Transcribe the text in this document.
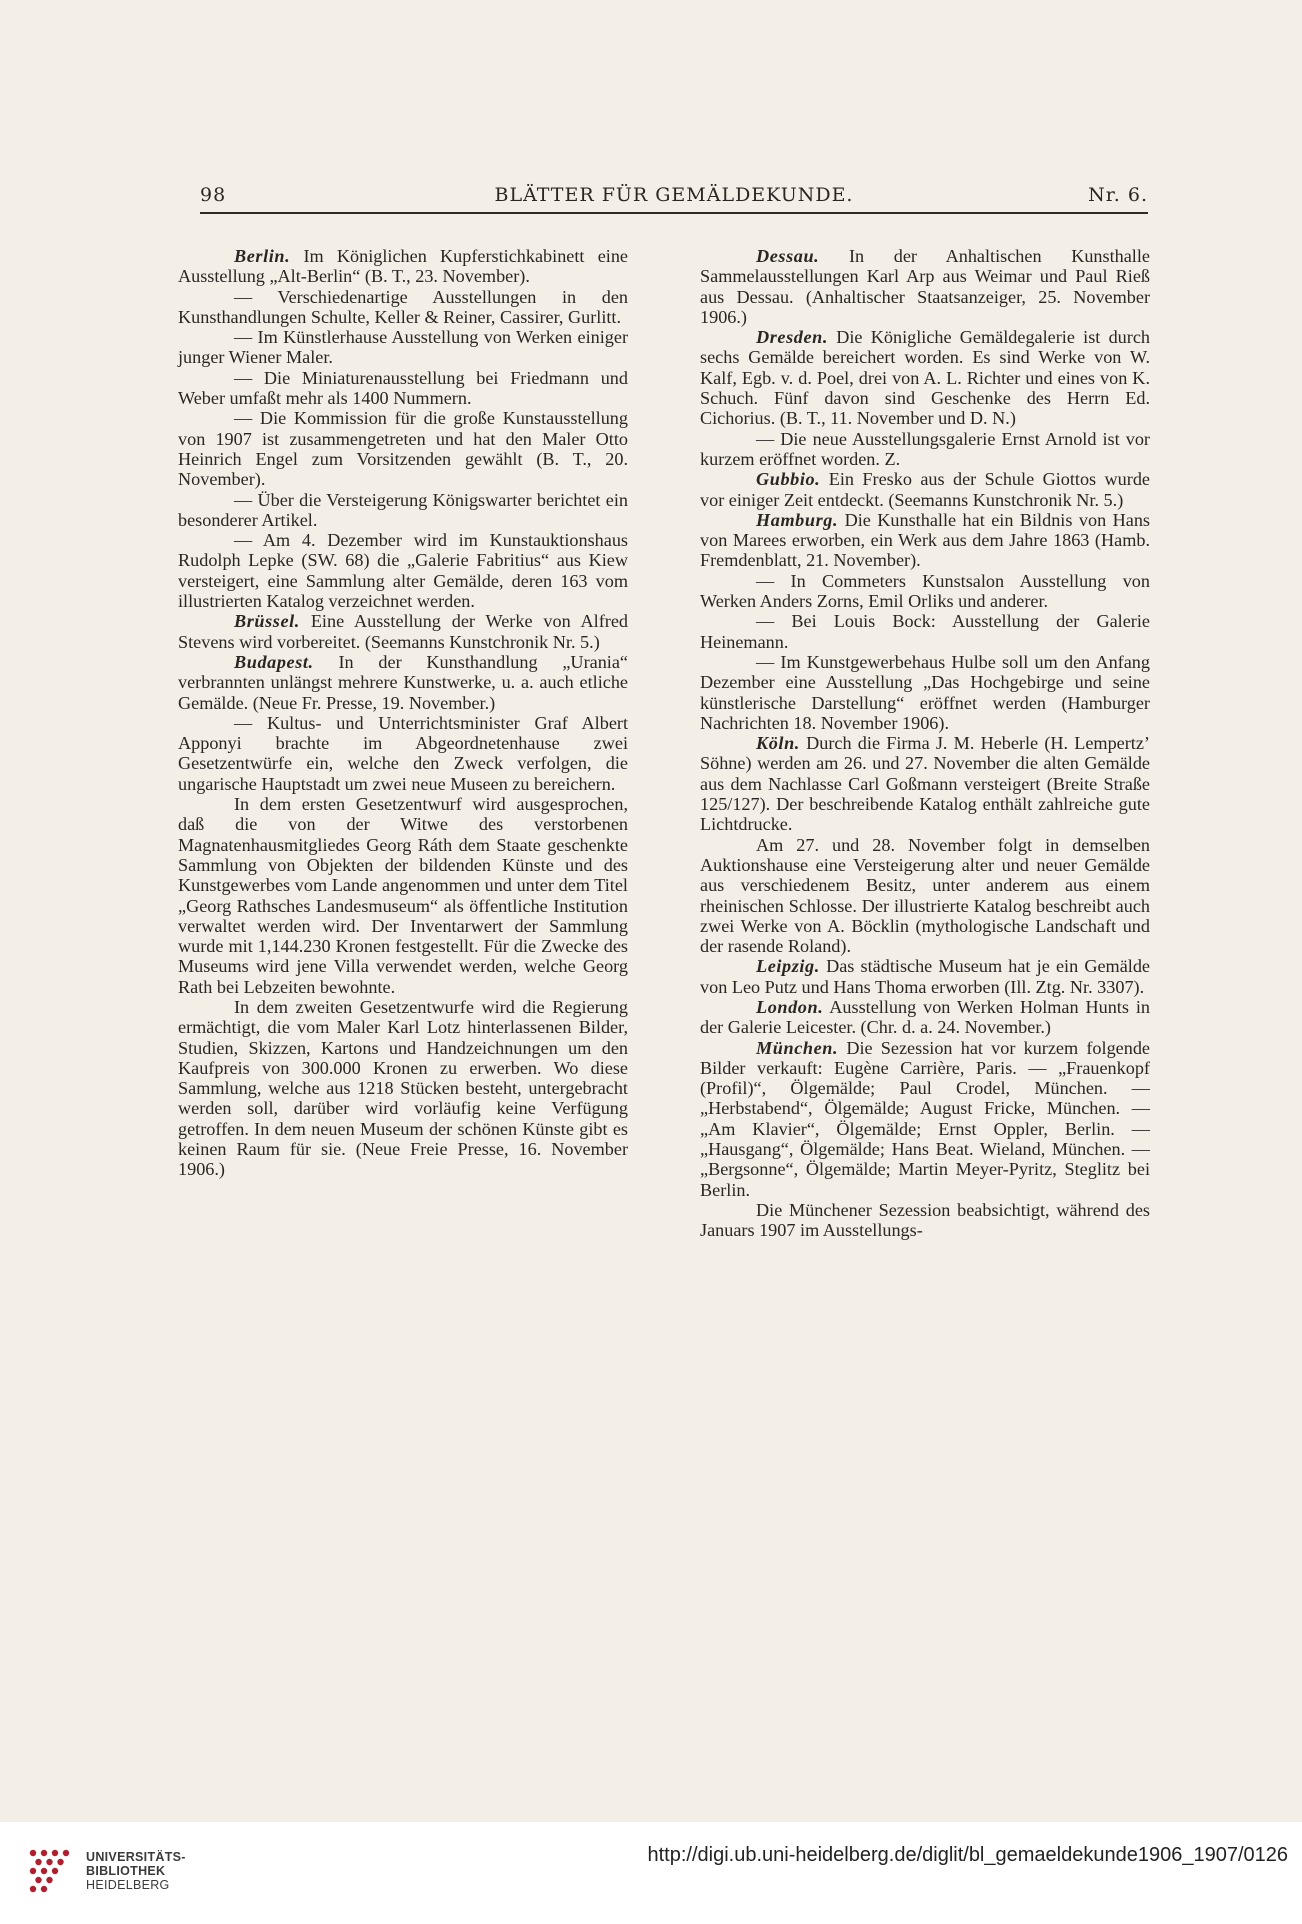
98	BLÄTTER FÜR GEMÄLDEKUNDE.	Nr. 6.

Berlin. Im Königlichen Kupferstichkabinett eine Ausstellung „Alt-Berlin“ (B. T., 23. November).

— Verschiedenartige Ausstellungen in den Kunsthandlungen Schulte, Keller & Reiner, Cassirer, Gurlitt.

— Im Künstlerhause Ausstellung von Werken einiger junger Wiener Maler.

— Die Miniaturenausstellung bei Friedmann und Weber umfaßt mehr als 1400 Nummern.

— Die Kommission für die große Kunstausstellung von 1907 ist zusammengetreten und hat den Maler Otto Heinrich Engel zum Vorsitzenden gewählt (B. T., 20. November).

— Über die Versteigerung Königswarter berichtet ein besonderer Artikel.

— Am 4. Dezember wird im Kunstauktionshaus Rudolph Lepke (SW. 68) die „Galerie Fabritius“ aus Kiew versteigert, eine Sammlung alter Gemälde, deren 163 vom illustrierten Katalog verzeichnet werden.

Brüssel. Eine Ausstellung der Werke von Alfred Stevens wird vorbereitet. (Seemanns Kunstchronik Nr. 5.)

Budapest. In der Kunsthandlung „Urania“ verbrannten unlängst mehrere Kunstwerke, u. a. auch etliche Gemälde. (Neue Fr. Presse, 19. November.)

— Kultus- und Unterrichtsminister Graf Albert Apponyi brachte im Abgeordnetenhause zwei Gesetzentwürfe ein, welche den Zweck verfolgen, die ungarische Hauptstadt um zwei neue Museen zu bereichern.

In dem ersten Gesetzentwurf wird ausgesprochen, daß die von der Witwe des verstorbenen Magnatenhausmitgliedes Georg Ráth dem Staate geschenkte Sammlung von Objekten der bildenden Künste und des Kunstgewerbes vom Lande angenommen und unter dem Titel „Georg Rathsches Landesmuseum“ als öffentliche Institution verwaltet werden wird. Der Inventarwert der Sammlung wurde mit 1,144.230 Kronen festgestellt. Für die Zwecke des Museums wird jene Villa verwendet werden, welche Georg Rath bei Lebzeiten bewohnte.

In dem zweiten Gesetzentwurfe wird die Regierung ermächtigt, die vom Maler Karl Lotz hinterlassenen Bilder, Studien, Skizzen, Kartons und Handzeichnungen um den Kaufpreis von 300.000 Kronen zu erwerben. Wo diese Sammlung, welche aus 1218 Stücken besteht, untergebracht werden soll, darüber wird vorläufig keine Verfügung getroffen. In dem neuen Museum der schönen Künste gibt es keinen Raum für sie. (Neue Freie Presse, 16. November 1906.)

Dessau. In der Anhaltischen Kunsthalle Sammelausstellungen Karl Arp aus Weimar und Paul Rieß aus Dessau. (Anhaltischer Staatsanzeiger, 25. November 1906.)

Dresden. Die Königliche Gemäldegalerie ist durch sechs Gemälde bereichert worden. Es sind Werke von W. Kalf, Egb. v. d. Poel, drei von A. L. Richter und eines von K. Schuch. Fünf davon sind Geschenke des Herrn Ed. Cichorius. (B. T., 11. November und D. N.)

— Die neue Ausstellungsgalerie Ernst Arnold ist vor kurzem eröffnet worden. Z.

Gubbio. Ein Fresko aus der Schule Giottos wurde vor einiger Zeit entdeckt. (Seemanns Kunstchronik Nr. 5.)

Hamburg. Die Kunsthalle hat ein Bildnis von Hans von Marees erworben, ein Werk aus dem Jahre 1863 (Hamb. Fremdenblatt, 21. November).

— In Commeters Kunstsalon Ausstellung von Werken Anders Zorns, Emil Orliks und anderer.

— Bei Louis Bock: Ausstellung der Galerie Heinemann.

— Im Kunstgewerbehaus Hulbe soll um den Anfang Dezember eine Ausstellung „Das Hochgebirge und seine künstlerische Darstellung“ eröffnet werden (Hamburger Nachrichten 18. November 1906).

Köln. Durch die Firma J. M. Heberle (H. Lempertz’ Söhne) werden am 26. und 27. November die alten Gemälde aus dem Nachlasse Carl Goßmann versteigert (Breite Straße 125/127). Der beschreibende Katalog enthält zahlreiche gute Lichtdrucke.

Am 27. und 28. November folgt in demselben Auktionshause eine Versteigerung alter und neuer Gemälde aus verschiedenem Besitz, unter anderem aus einem rheinischen Schlosse. Der illustrierte Katalog beschreibt auch zwei Werke von A. Böcklin (mythologische Landschaft und der rasende Roland).

Leipzig. Das städtische Museum hat je ein Gemälde von Leo Putz und Hans Thoma erworben (Ill. Ztg. Nr. 3307).

London. Ausstellung von Werken Holman Hunts in der Galerie Leicester. (Chr. d. a. 24. November.)

München. Die Sezession hat vor kurzem folgende Bilder verkauft: Eugène Carrière, Paris. — „Frauenkopf (Profil)“, Ölgemälde; Paul Crodel, München. — „Herbstabend“, Ölgemälde; August Fricke, München. — „Am Klavier“, Ölgemälde; Ernst Oppler, Berlin. — „Hausgang“, Ölgemälde; Hans Beat. Wieland, München. — „Bergsonne“, Ölgemälde; Martin Meyer-Pyritz, Steglitz bei Berlin.

Die Münchener Sezession beabsichtigt, während des Januars 1907 im Ausstellungs-

UNIVERSITÄTS-
BIBLIOTHEK
HEIDELBERG
http://digi.ub.uni-heidelberg.de/diglit/bl_gemaeldekunde1906_1907/0126
